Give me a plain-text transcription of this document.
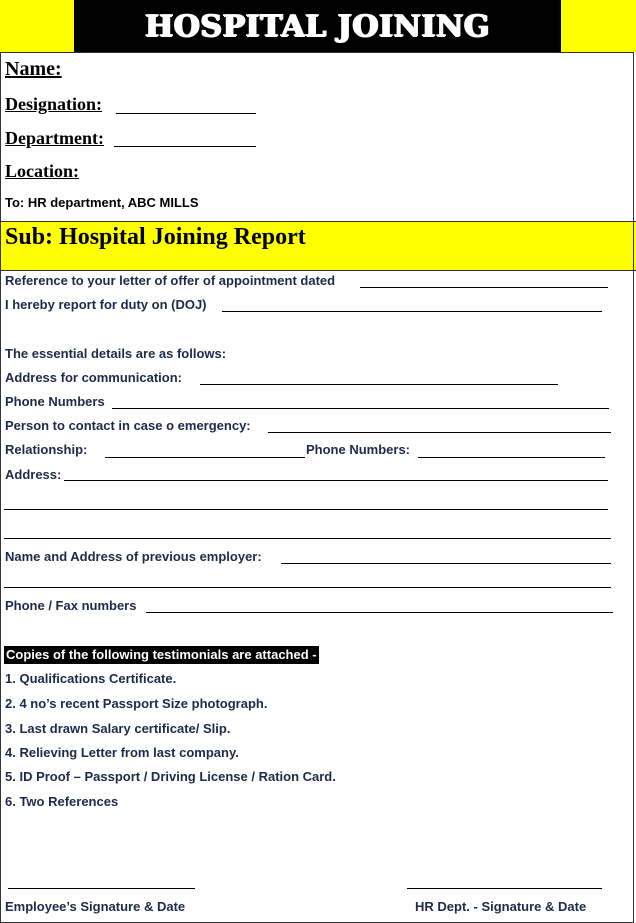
HOSPITAL JOINING REPORT
Name:
Designation:
Department:
Location:
To: HR department, ABC MILLS
Sub: Hospital Joining Report
Reference to your letter of offer of appointment dated
I hereby report for duty on (DOJ)
The essential details are as follows:
Address for communication:
Phone Numbers
Person to contact in case o emergency:
Relationship:	Phone Numbers:
Address:
Name and Address of previous employer:
Phone / Fax numbers
Copies of the following testimonials are attached -
1. Qualifications Certificate.
2. 4 no’s recent Passport Size photograph.
3. Last drawn Salary certificate/ Slip.
4. Relieving Letter from last company.
5. ID Proof – Passport / Driving License / Ration Card.
6. Two References
Employee’s Signature & Date	HR Dept. - Signature & Date
